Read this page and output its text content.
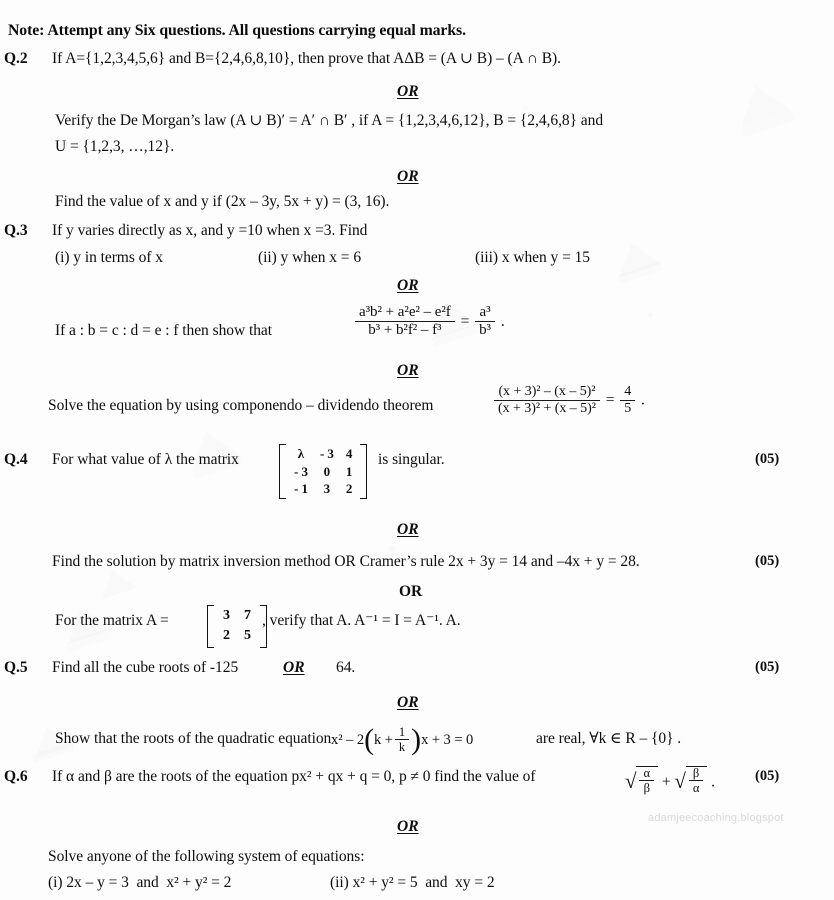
adamjeecoaching.blogspot
Note: Attempt any Six questions. All questions carrying equal marks.
Q.2 If A={1,2,3,4,5,6} and B={2,4,6,8,10}, then prove that AΔB = (A ∪ B) – (A ∩ B).
OR
Verify the De Morgan’s law (A ∪ B)′ = A′ ∩ B′ , if A = {1,2,3,4,6,12}, B = {2,4,6,8} and
U = {1,2,3, …,12}.
OR
Find the value of x and y if (2x – 3y, 5x + y) = (3, 16).
Q.3 If y varies directly as x, and y =10 when x =3. Find
(i) y in terms of x	(ii) y when x = 6	(iii) x when y = 15
OR
If a : b = c : d = e : f then show that	$\frac{\text{a³b² + a²e² – e²f}}{\text{b³ + b²f² – f³}} = \frac{\text{a³}}{\text{b³}}$ .
OR
Solve the equation by using componendo – dividendo theorem	$\frac{\text{(x + 3)² – (x – 5)²}}{\text{(x + 3)² + (x – 5)²}} = \frac{4}{5}$ .
Q.4 For what value of λ the matrix	λ	- 3	4
- 3	0	1
- 1	3	2
is singular.	(05)
OR
Find the solution by matrix inversion method OR Cramer’s rule 2x + 3y = 14 and –4x + y = 28.	(05)
OR
For the matrix A =	3	7
2	5
, verify that A. A⁻¹ = I = A⁻¹. A.
Q.5 Find all the cube roots of -125	OR 64.	(05)
OR
Show that the roots of the quadratic equation $x^2 - 2(k + \frac{1}{k} )x + 3 = 0$	are real, ∀k ∈ R – {0} .
Q.6 If α and β are the roots of the equation px² + qx + q = 0, p ≠ 0 find the value of	√ $\frac{\alpha}{\beta}$ + √ $\frac{\beta}{\alpha}$ .	(05)
OR
Solve anyone of the following system of equations:
(i) 2x – y = 3 and x² + y² = 2	(ii) x² + y² = 5 and xy = 2
